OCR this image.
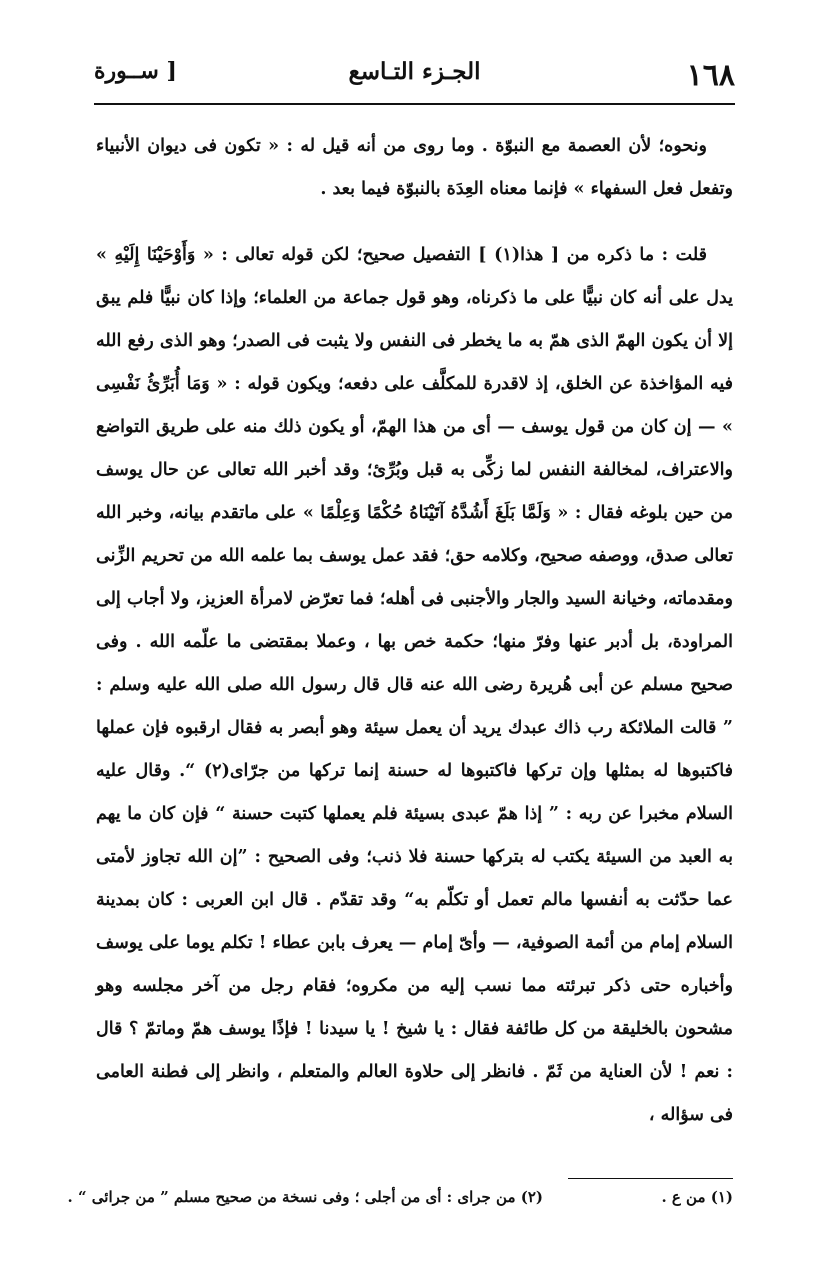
١٦٨
الجـزء التـاسع
[ ســورة

ونحوه؛ لأن العصمة مع النبوّة . وما روى من أنه قيل له : « تكون فى ديوان الأنبياء وتفعل فعل السفهاء » فإنما معناه العِدَة بالنبوّة فيما بعد .

قلت : ما ذكره من [ هذا(١) ] التفصيل صحيح؛ لكن قوله تعالى : « وَأَوْحَيْنَا إِلَيْهِ » يدل على أنه كان نبيًّا على ما ذكرناه، وهو قول جماعة من العلماء؛ وإذا كان نبيًّا فلم يبق إلا أن يكون الهمّ الذى همّ به ما يخطر فى النفس ولا يثبت فى الصدر؛ وهو الذى رفع الله فيه المؤاخذة عن الخلق، إذ لاقدرة للمكلَّف على دفعه؛ ويكون قوله : « وَمَا أُبَرِّئُ نَفْسِى » — إن كان من قول يوسف — أى من هذا الهمّ، أو يكون ذلك منه على طريق التواضع والاعتراف، لمخالفة النفس لما زكِّى به قبل وبُرِّئ؛ وقد أخبر الله تعالى عن حال يوسف من حين بلوغه فقال : « وَلَمَّا بَلَغَ أَشُدَّهُ آتَيْنَاهُ حُكْمًا وَعِلْمًا » على ماتقدم بيانه، وخبر الله تعالى صدق، ووصفه صحيح، وكلامه حق؛ فقد عمل يوسف بما علمه الله من تحريم الزِّنى ومقدماته، وخيانة السيد والجار والأجنبى فى أهله؛ فما تعرّض لامرأة العزيز، ولا أجاب إلى المراودة، بل أدبر عنها وفرّ منها؛ حكمة خص بها ، وعملا بمقتضى ما علّمه الله . وفى صحيح مسلم عن أبى هُريرة رضى الله عنه قال قال رسول الله صلى الله عليه وسلم : ” قالت الملائكة رب ذاك عبدك يريد أن يعمل سيئة وهو أبصر به فقال ارقبوه فإن عملها فاكتبوها له بمثلها وإن تركها فاكتبوها له حسنة إنما تركها من جرّاى(٢) “. وقال عليه السلام مخبرا عن ربه : ” إذا همّ عبدى بسيئة فلم يعملها كتبت حسنة “ فإن كان ما يهم به العبد من السيئة يكتب له بتركها حسنة فلا ذنب؛ وفى الصحيح : ”إن الله تجاوز لأمتى عما حدّثت به أنفسها مالم تعمل أو تكلّم به“ وقد تقدّم . قال ابن العربى : كان بمدينة السلام إمام من أئمة الصوفية، — وأىّ إمام — يعرف بابن عطاء ! تكلم يوما على يوسف وأخباره حتى ذكر تبرئته مما نسب إليه من مكروه؛ فقام رجل من آخر مجلسه وهو مشحون بالخليقة من كل طائفة فقال : يا شيخ ! يا سيدنا ! فإذًا يوسف همّ وماتمّ ؟ قال : نعم ! لأن العناية من ثَمّ . فانظر إلى حلاوة العالم والمتعلم ، وانظر إلى فطنة العامى فى سؤاله ،

(١) من ع .
(٢) من جراى : أى من أجلى ؛ وفى نسخة من صحيح مسلم ” من جرائى “ .
